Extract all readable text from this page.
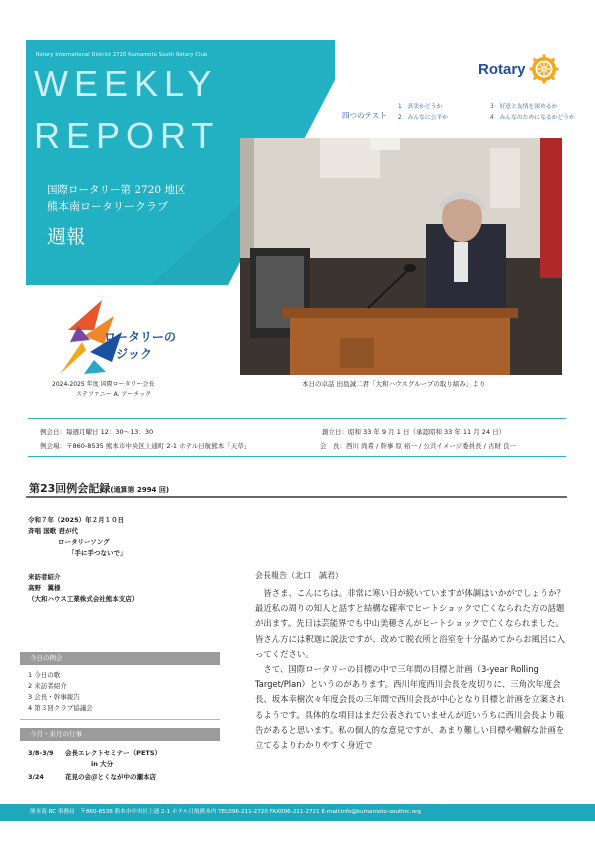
Rotary International District 2720 Kumamoto South Rotary Club
WEEKLY
REPORT
国際ロータリー第 2720 地区
熊本南ロータリークラブ
週報
Rotary
四つのテスト
1　真実かどうか	3　好意と友情を深めるか
2　みんなに公平か	4　みんなのためになるかどうか
本日の卓話 田島誠二君「大和ハウスグループの取り組み」より
ロータリーの
マジック
2024-2025 年度 国際ロータリー会長
ステファニー A. アーチック
例会日：毎週月曜日 12：30～13：30	創立日：昭和 33 年 9 月 1 日（承認昭和 33 年 11 月 24 日）
例会場：〒860-8535 熊本市中央区上通町 2-1 ホテル日航熊本「天草」	会　長：西川 尚希 / 幹事 原 裕一 / 公共イメージ委員長 / 古財 良一
第23回例会記録(通算第 2994 回)
令和７年（2025）年２月１０日
斉唱 国歌 君が代
ロータリーソング
「手に手つないで」
来訪者紹介
高野　翼様
（大和ハウス工業株式会社熊本支店）
今日の例会
1 今日の歌
2 来訪者紹介
3 会長・幹事報告
4 第３回クラブ協議会
今月・来月の行事
3/8-3/9 会長エレクトセミナー（PETS）
in 大分
3/24	花見の会＠とくなが中の瀬本店
会長報告（北口　誠君）

皆さま、こんにちは。非常に寒い日が続いていますが体調はいかがでしょうか？最近私の周りの知人と話すと結構な確率でヒートショックで亡くなられた方の話題が出ます。先日は芸能界でも中山美穂さんがヒートショックで亡くなられました。皆さん方には釈迦に説法ですが、改めて脱衣所と浴室を十分温めてからお風呂に入ってください。

さて、国際ロータリーの目標の中で三年間の目標と計画（3-year Rolling Target/Plan）というのがあります。西川年度西川会長を皮切りに、三角次年度会長、坂本幸樹次々年度会長の三年間で西川会長が中心となり目標と計画を立案されるようです。具体的な項目はまだ公表されていませんが近いうちに西川会長より報告があると思います。私の個人的な意見ですが、あまり難しい目標や難解な計画を立てるよりわかりやすく身近で

熊本南 RC 事務局　〒860-8536 熊本市中央区上通 2-1 ホテル日航熊本内 TEL096-211-2720 FAX096-211-2721 E-mail:info@kumamoto-southrc.org
